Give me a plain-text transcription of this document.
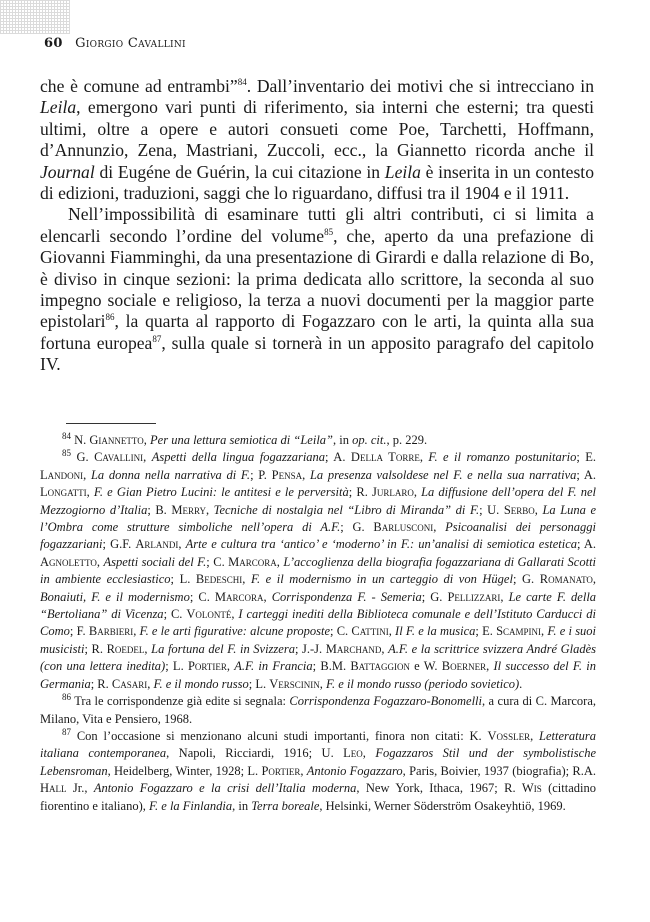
60 Giorgio Cavallini

che è comune ad entrambi”$^{84}$. Dall’inventario dei motivi che si intrecciano in Leila, emergono vari punti di riferimento, sia interni che esterni; tra questi ultimi, oltre a opere e autori consueti come Poe, Tarchetti, Hoffmann, d’Annunzio, Zena, Mastriani, Zuccoli, ecc., la Giannetto ricorda anche il Journal di Eugéne de Guérin, la cui citazione in Leila è inserita in un contesto di edizioni, traduzioni, saggi che lo riguardano, diffusi tra il 1904 e il 1911.

Nell’impossibilità di esaminare tutti gli altri contributi, ci si limita a elencarli secondo l’ordine del volume$^{85}$, che, aperto da una prefazione di Giovanni Fiamminghi, da una presentazione di Girardi e dalla relazione di Bo, è diviso in cinque sezioni: la prima dedicata allo scrittore, la seconda al suo impegno sociale e religioso, la terza a nuovi documenti per la maggior parte epistolari$^{86}$, la quarta al rapporto di Fogazzaro con le arti, la quinta alla sua fortuna europea$^{87}$, sulla quale si tornerà in un apposito paragrafo del capitolo IV.

$^{84}$ N. Giannetto, Per una lettura semiotica di “Leila”, in op. cit., p. 229.

$^{85}$ G. Cavallini, Aspetti della lingua fogazzariana; A. Della Torre, F. e il romanzo postunitario; E. Landoni, La donna nella narrativa di F.; P. Pensa, La presenza valsoldese nel F. e nella sua narrativa; A. Longatti, F. e Gian Pietro Lucini: le antitesi e le perversità; R. Jurlaro, La diffusione dell’opera del F. nel Mezzogiorno d’Italia; B. Merry, Tecniche di nostalgia nel “Libro di Miranda” di F.; U. Serbo, La Luna e l’Ombra come strutture simboliche nell’opera di A.F.; G. Barlusconi, Psicoanalisi dei personaggi fogazzariani; G.F. Arlandi, Arte e cultura tra ‘antico’ e ‘moderno’ in F.: un’analisi di semiotica estetica; A. Agnoletto, Aspetti sociali del F.; C. Marcora, L’accoglienza della biografia fogazzariana di Gallarati Scotti in ambiente ecclesiastico; L. Bedeschi, F. e il modernismo in un carteggio di von Hügel; G. Romanato, Bonaiuti, F. e il modernismo; C. Marcora, Corrispondenza F. - Semeria; G. Pellizzari, Le carte F. della “Bertoliana” di Vicenza; C. Volonté, I carteggi inediti della Biblioteca comunale e dell’Istituto Carducci di Como; F. Barbieri, F. e le arti figurative: alcune proposte; C. Cattini, Il F. e la musica; E. Scampini, F. e i suoi musicisti; R. Roedel, La fortuna del F. in Svizzera; J.-J. Marchand, A.F. e la scrittrice svizzera André Gladès (con una lettera inedita); L. Portier, A.F. in Francia; B.M. Battaggion e W. Boerner, Il successo del F. in Germania; R. Casari, F. e il mondo russo; L. Verscinin, F. e il mondo russo (periodo sovietico).

$^{86}$ Tra le corrispondenze già edite si segnala: Corrispondenza Fogazzaro-Bonomelli, a cura di C. Marcora, Milano, Vita e Pensiero, 1968.

$^{87}$ Con l’occasione si menzionano alcuni studi importanti, finora non citati: K. Vossler, Letteratura italiana contemporanea, Napoli, Ricciardi, 1916; U. Leo, Fogazzaros Stil und der symbolistische Lebensroman, Heidelberg, Winter, 1928; L. Portier, Antonio Fogazzaro, Paris, Boivier, 1937 (biografia); R.A. Hall Jr., Antonio Fogazzaro e la crisi dell’Italia moderna, New York, Ithaca, 1967; R. Wis (cittadino fiorentino e italiano), F. e la Finlandia, in Terra boreale, Helsinki, Werner Söderström Osakeyhtiö, 1969.
